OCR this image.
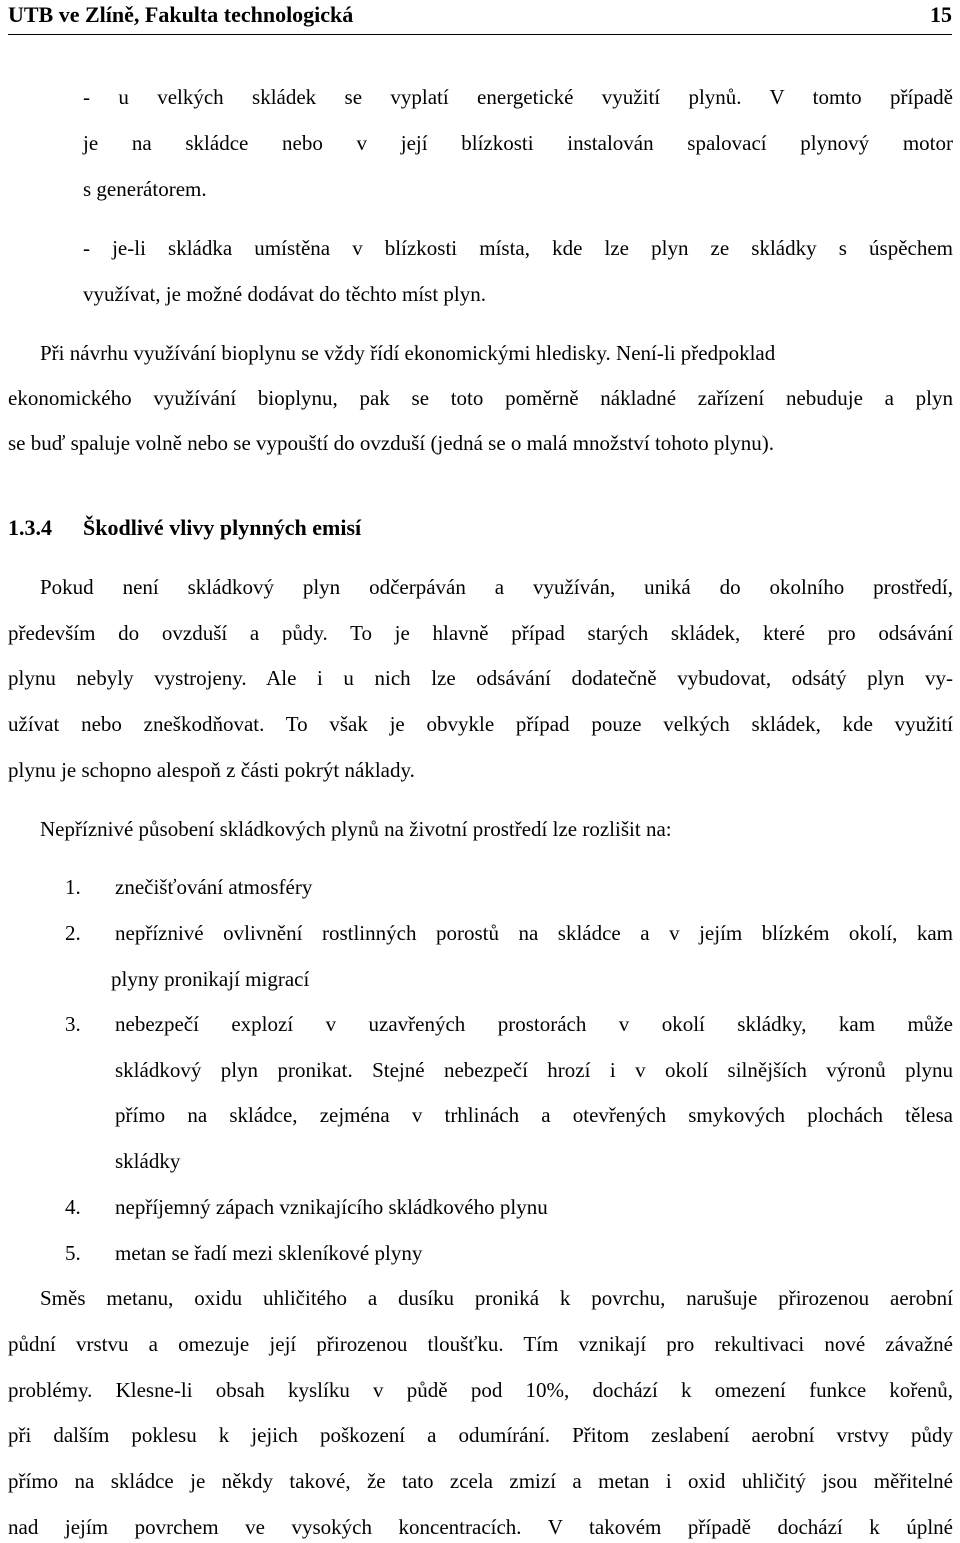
UTB ve Zlíně, Fakulta technologická	15
- u velkých skládek se vyplatí energetické využití plynů. V tomto případě
je na skládce nebo v její blízkosti instalován spalovací plynový motor
s generátorem.
- je-li skládka umístěna v blízkosti místa, kde lze plyn ze skládky s úspěchem
využívat, je možné dodávat do těchto míst plyn.
Při návrhu využívání bioplynu se vždy řídí ekonomickými hledisky. Není-li předpoklad
ekonomického využívání bioplynu, pak se toto poměrně nákladné zařízení nebuduje a plyn
se buď spaluje volně nebo se vypouští do ovzduší (jedná se o malá množství tohoto plynu).
1.3.4 Škodlivé vlivy plynných emisí
Pokud není skládkový plyn odčerpáván a využíván, uniká do okolního prostředí,
především do ovzduší a půdy. To je hlavně případ starých skládek, které pro odsávání
plynu nebyly vystrojeny. Ale i u nich lze odsávání dodatečně vybudovat, odsátý plyn vy-
užívat nebo zneškodňovat. To však je obvykle případ pouze velkých skládek, kde využití
plynu je schopno alespoň z části pokrýt náklady.
Nepříznivé působení skládkových plynů na životní prostředí lze rozlišit na:
1. znečišťování atmosféry
2. nepříznivé ovlivnění rostlinných porostů na skládce a v jejím blízkém okolí, kam
plyny pronikají migrací
3. nebezpečí explozí v uzavřených prostorách v okolí skládky, kam může
skládkový plyn pronikat. Stejné nebezpečí hrozí i v okolí silnějších výronů plynu
přímo na skládce, zejména v trhlinách a otevřených smykových plochách tělesa
skládky
4. nepříjemný zápach vznikajícího skládkového plynu
5. metan se řadí mezi skleníkové plyny
Směs metanu, oxidu uhličitého a dusíku proniká k povrchu, narušuje přirozenou aerobní
půdní vrstvu a omezuje její přirozenou tloušťku. Tím vznikají pro rekultivaci nové závažné
problémy. Klesne-li obsah kyslíku v půdě pod 10%, dochází k omezení funkce kořenů,
při dalším poklesu k jejich poškození a odumírání. Přitom zeslabení aerobní vrstvy půdy
přímo na skládce je někdy takové, že tato zcela zmizí a metan i oxid uhličitý jsou měřitelné
nad jejím povrchem ve vysokých koncentracích. V takovém případě dochází k úplné
